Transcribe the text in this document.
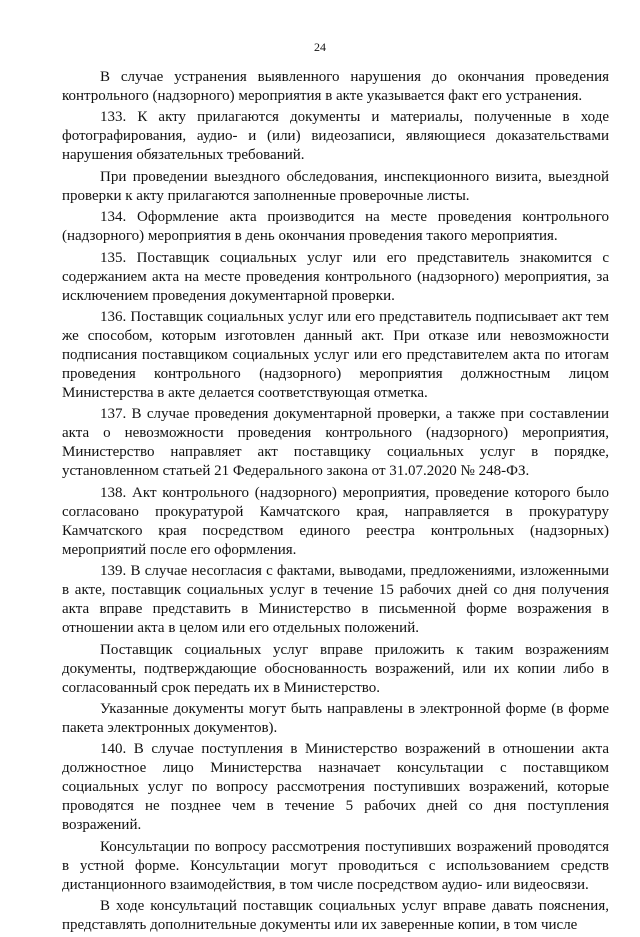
24

В случае устранения выявленного нарушения до окончания проведения контрольного (надзорного) мероприятия в акте указывается факт его устранения.

133. К акту прилагаются документы и материалы, полученные в ходе фотографирования, аудио- и (или) видеозаписи, являющиеся доказательствами нарушения обязательных требований.

При проведении выездного обследования, инспекционного визита, выездной проверки к акту прилагаются заполненные проверочные листы.

134. Оформление акта производится на месте проведения контрольного (надзорного) мероприятия в день окончания проведения такого мероприятия.

135. Поставщик социальных услуг или его представитель знакомится с содержанием акта на месте проведения контрольного (надзорного) мероприятия, за исключением проведения документарной проверки.

136. Поставщик социальных услуг или его представитель подписывает акт тем же способом, которым изготовлен данный акт. При отказе или невозможности подписания поставщиком социальных услуг или его представителем акта по итогам проведения контрольного (надзорного) мероприятия должностным лицом Министерства в акте делается соответствующая отметка.

137. В случае проведения документарной проверки, а также при составлении акта о невозможности проведения контрольного (надзорного) мероприятия, Министерство направляет акт поставщику социальных услуг в порядке, установленном статьей 21 Федерального закона от 31.07.2020 № 248-ФЗ.

138. Акт контрольного (надзорного) мероприятия, проведение которого было согласовано прокуратурой Камчатского края, направляется в прокуратуру Камчатского края посредством единого реестра контрольных (надзорных) мероприятий после его оформления.

139. В случае несогласия с фактами, выводами, предложениями, изложенными в акте, поставщик социальных услуг в течение 15 рабочих дней со дня получения акта вправе представить в Министерство в письменной форме возражения в отношении акта в целом или его отдельных положений.

Поставщик социальных услуг вправе приложить к таким возражениям документы, подтверждающие обоснованность возражений, или их копии либо в согласованный срок передать их в Министерство.

Указанные документы могут быть направлены в электронной форме (в форме пакета электронных документов).

140. В случае поступления в Министерство возражений в отношении акта должностное лицо Министерства назначает консультации с поставщиком социальных услуг по вопросу рассмотрения поступивших возражений, которые проводятся не позднее чем в течение 5 рабочих дней со дня поступления возражений.

Консультации по вопросу рассмотрения поступивших возражений проводятся в устной форме. Консультации могут проводиться с использованием средств дистанционного взаимодействия, в том числе посредством аудио- или видеосвязи.

В ходе консультаций поставщик социальных услуг вправе давать пояснения, представлять дополнительные документы или их заверенные копии, в том числе
